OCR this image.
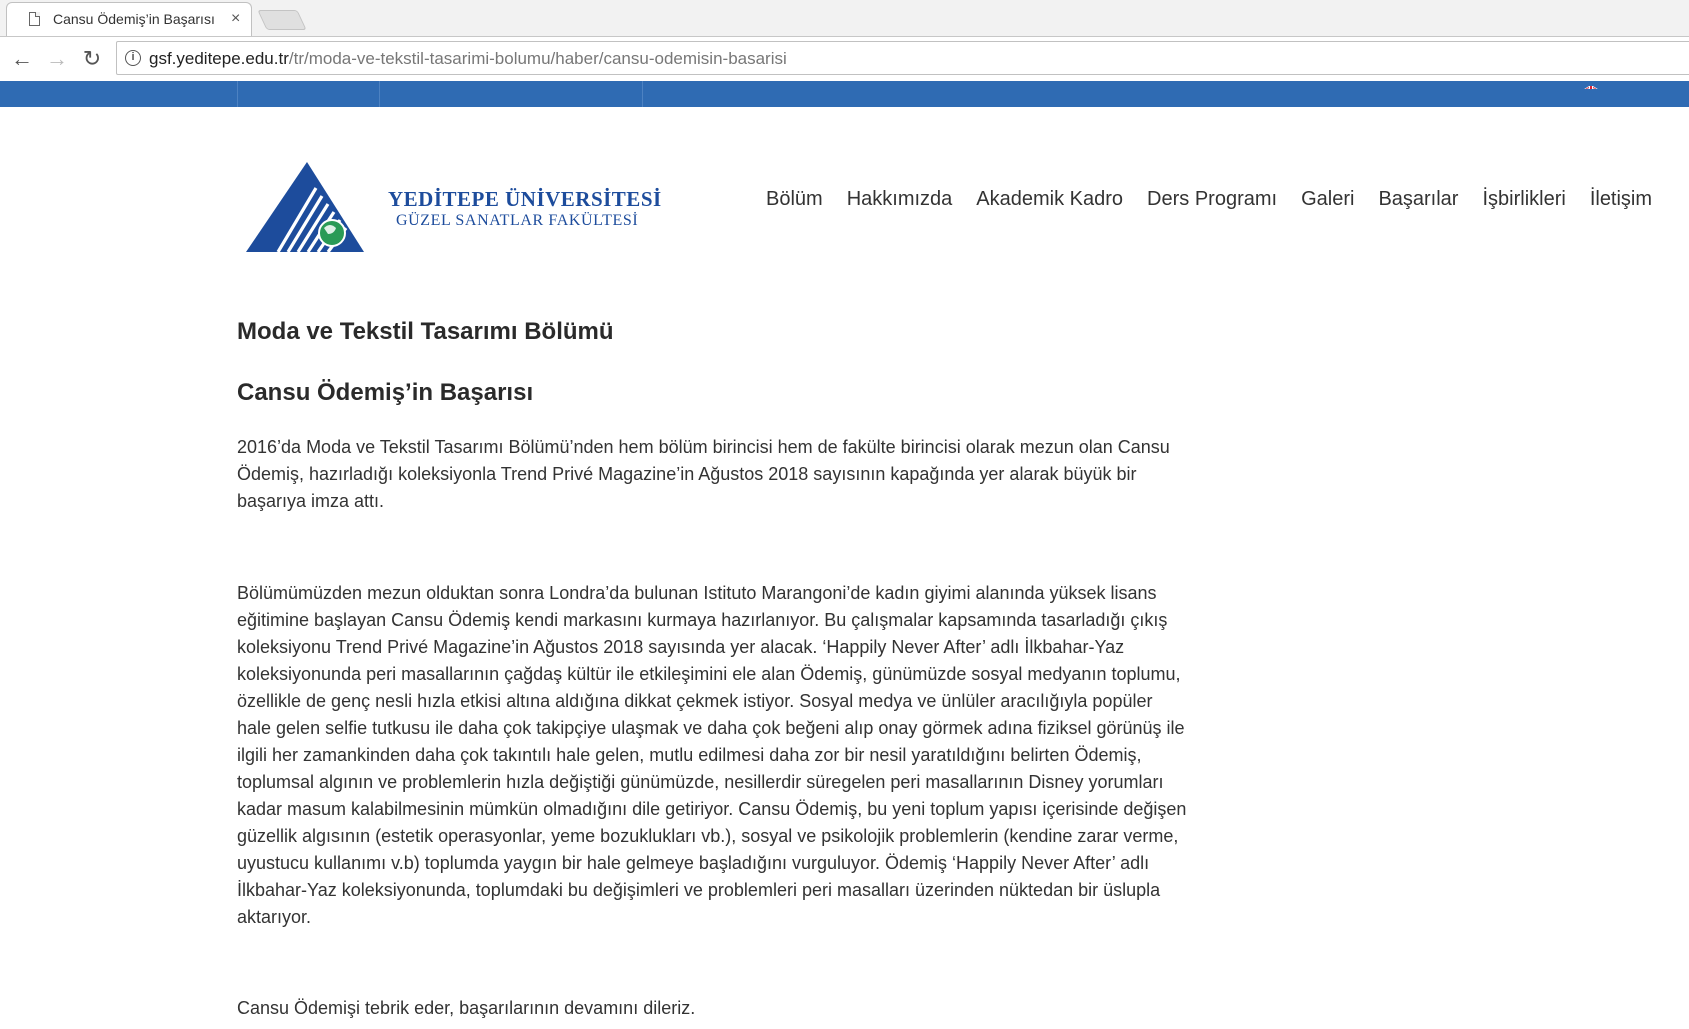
Cansu Ödemiş’in Başarısı	×
← → ↻	i gsf.yeditepe.edu.tr/tr/moda-ve-tekstil-tasarimi-bolumu/haber/cansu-odemisin-basarisi
YEDİTEPE ÜNİVERSİTESİ
GÜZEL SANATLAR FAKÜLTESİ
Bölüm Hakkımızda Akademik Kadro Ders Programı Galeri Başarılar İşbirlikleri İletişim
Moda ve Tekstil Tasarımı Bölümü
Cansu Ödemiş’in Başarısı

2016’da Moda ve Tekstil Tasarımı Bölümü’nden hem bölüm birincisi hem de fakülte birincisi olarak mezun olan Cansu Ödemiş, hazırladığı koleksiyonla Trend Privé Magazine’in Ağustos 2018 sayısının kapağında yer alarak büyük bir başarıya imza attı.

Bölümümüzden mezun olduktan sonra Londra’da bulunan Istituto Marangoni’de kadın giyimi alanında yüksek lisans eğitimine başlayan Cansu Ödemiş kendi markasını kurmaya hazırlanıyor. Bu çalışmalar kapsamında tasarladığı çıkış koleksiyonu Trend Privé Magazine’in Ağustos 2018 sayısında yer alacak. ‘Happily Never After’ adlı İlkbahar-Yaz koleksiyonunda peri masallarının çağdaş kültür ile etkileşimini ele alan Ödemiş, günümüzde sosyal medyanın toplumu, özellikle de genç nesli hızla etkisi altına aldığına dikkat çekmek istiyor. Sosyal medya ve ünlüler aracılığıyla popüler hale gelen selfie tutkusu ile daha çok takipçiye ulaşmak ve daha çok beğeni alıp onay görmek adına fiziksel görünüş ile ilgili her zamankinden daha çok takıntılı hale gelen, mutlu edilmesi daha zor bir nesil yaratıldığını belirten Ödemiş, toplumsal algının ve problemlerin hızla değiştiği günümüzde, nesillerdir süregelen peri masallarının Disney yorumları kadar masum kalabilmesinin mümkün olmadığını dile getiriyor. Cansu Ödemiş, bu yeni toplum yapısı içerisinde değişen güzellik algısının (estetik operasyonlar, yeme bozuklukları vb.), sosyal ve psikolojik problemlerin (kendine zarar verme, uyustucu kullanımı v.b) toplumda yaygın bir hale gelmeye başladığını vurguluyor. Ödemiş ‘Happily Never After’ adlı İlkbahar-Yaz koleksiyonunda, toplumdaki bu değişimleri ve problemleri peri masalları üzerinden nüktedan bir üslupla aktarıyor.

Cansu Ödemişi tebrik eder, başarılarının devamını dileriz.
